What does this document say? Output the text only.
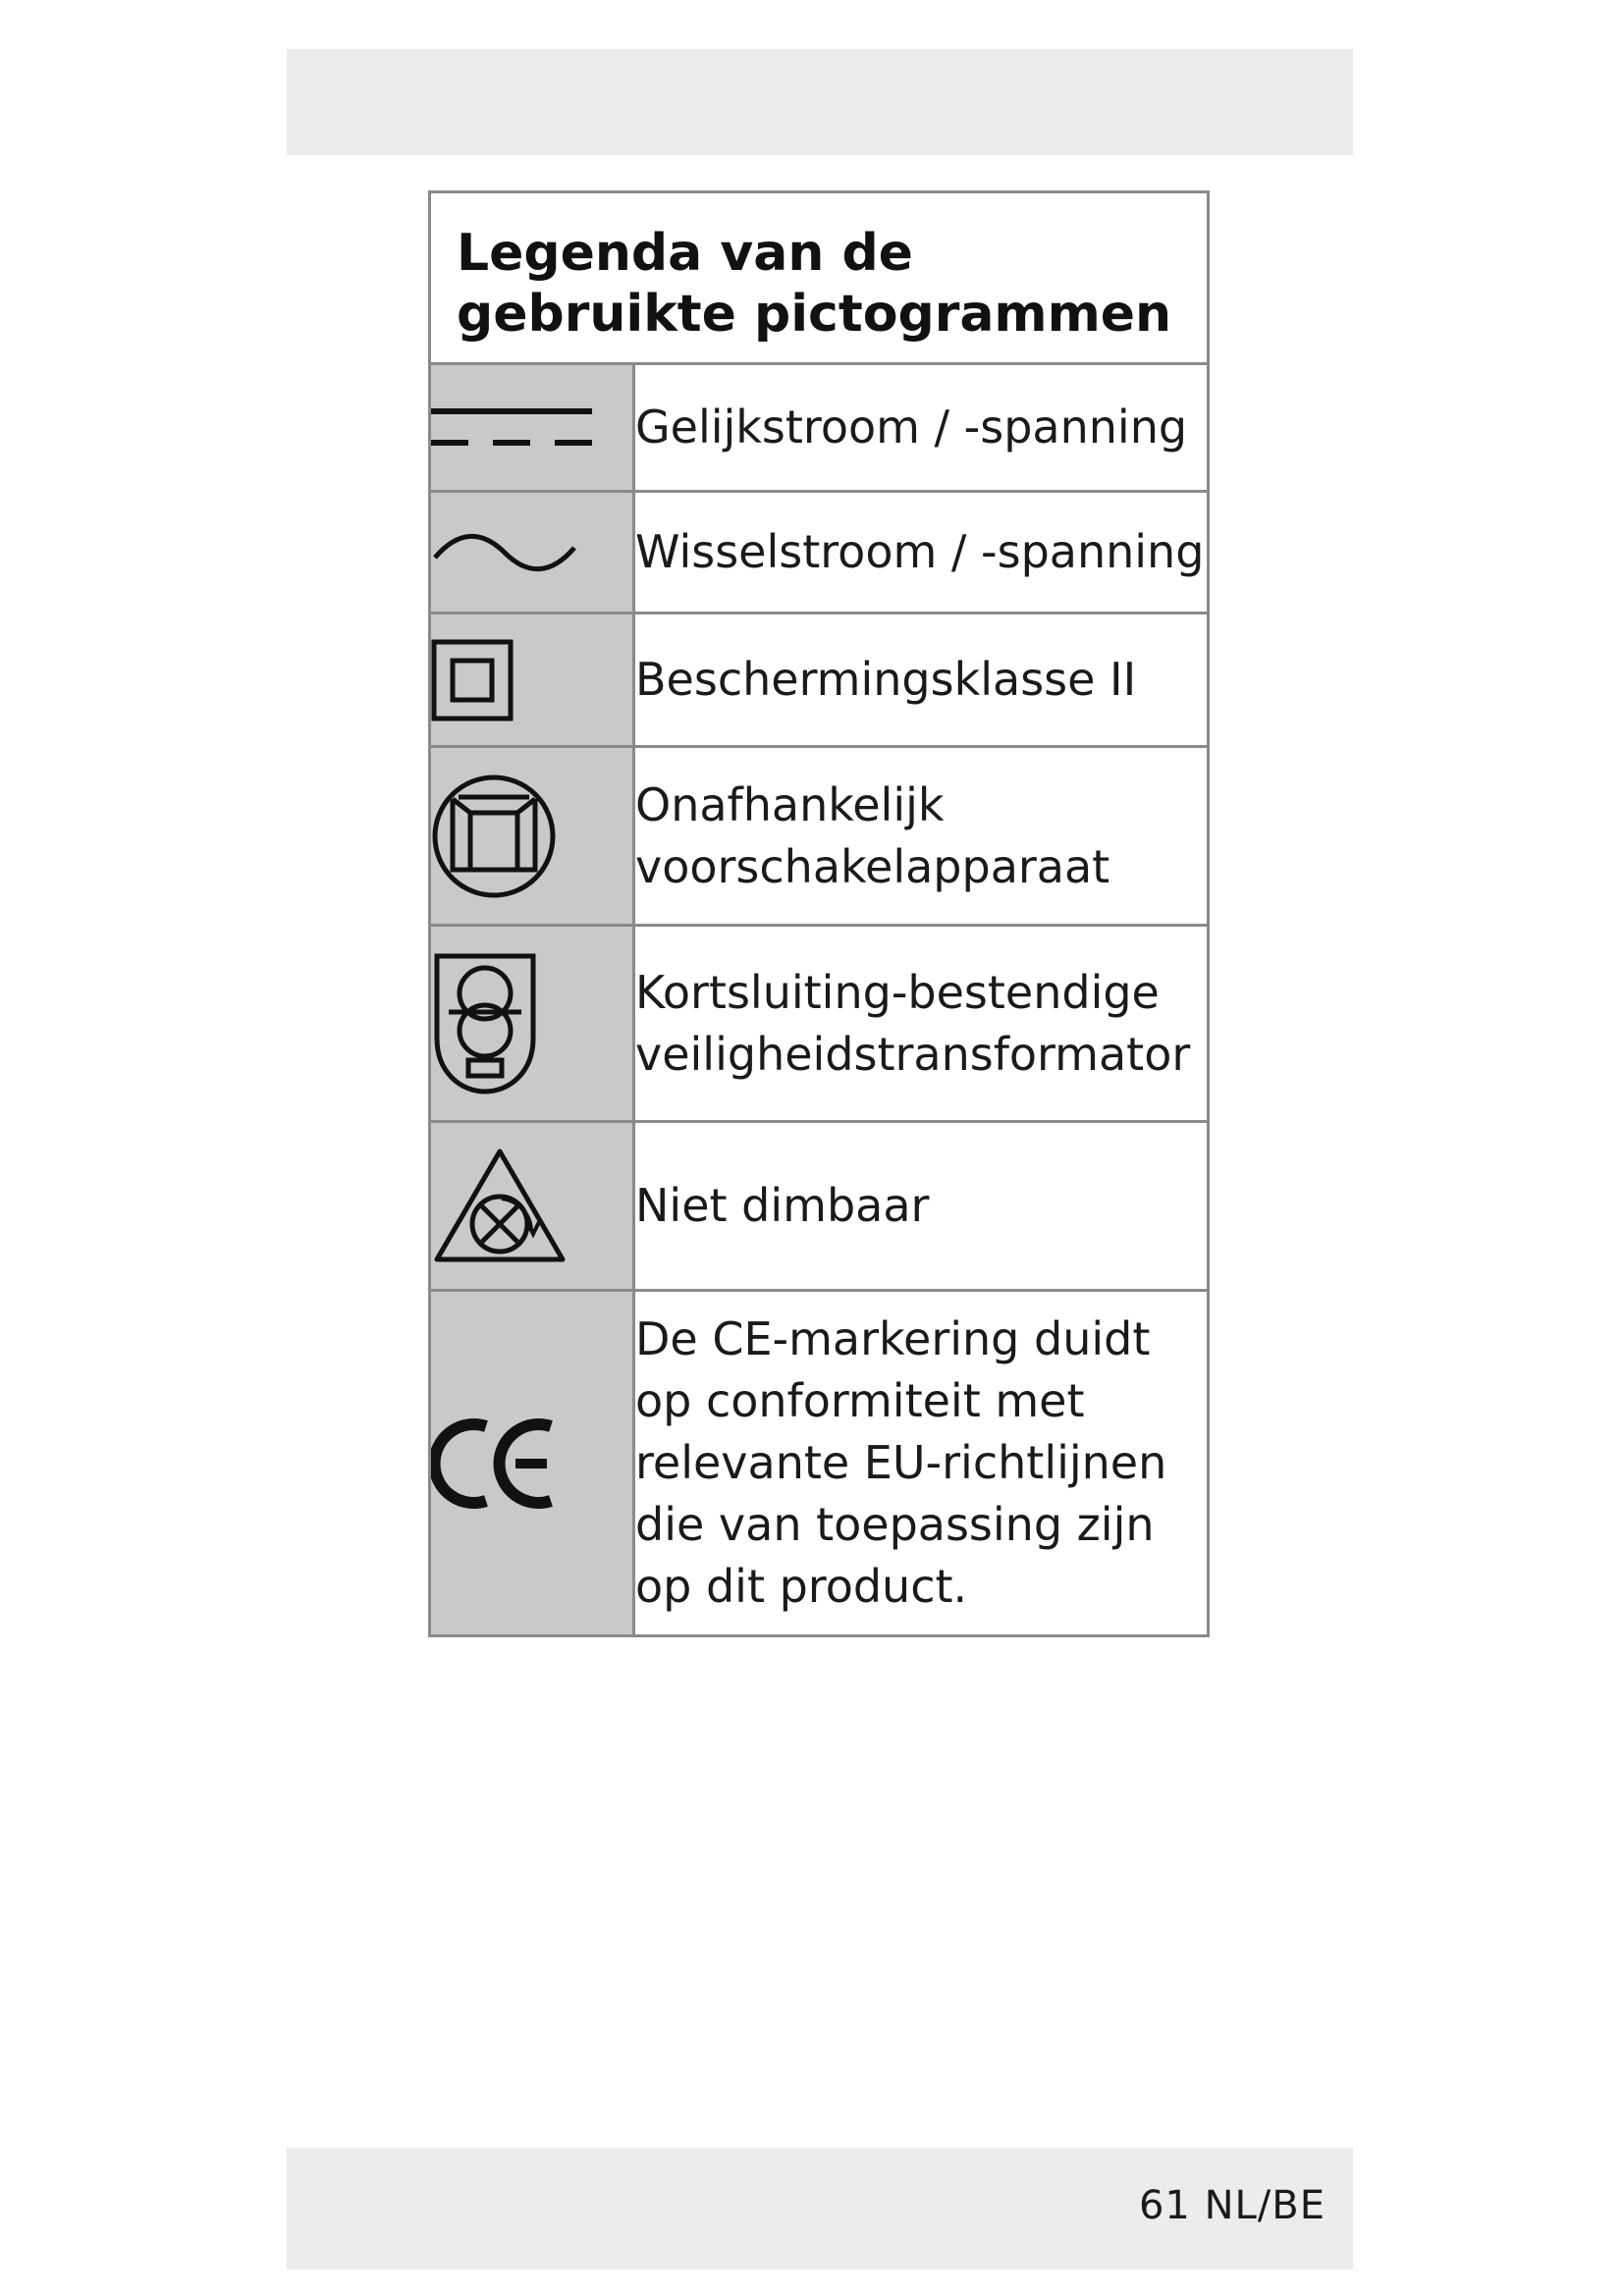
Legenda van de gebruikte pictogrammen	

	Gelijkstroom / -spanning

	Wisselstroom / -spanning

	Beschermingsklasse II

	Onafhankelijk voorschakelapparaat

	Kortsluiting-bestendige veiligheidstransformator

	Niet dimbaar

	De CE-markering duidt op conformiteit met relevante EU-richtlijnen die van toepassing zijn op dit product.
61 NL/BE
